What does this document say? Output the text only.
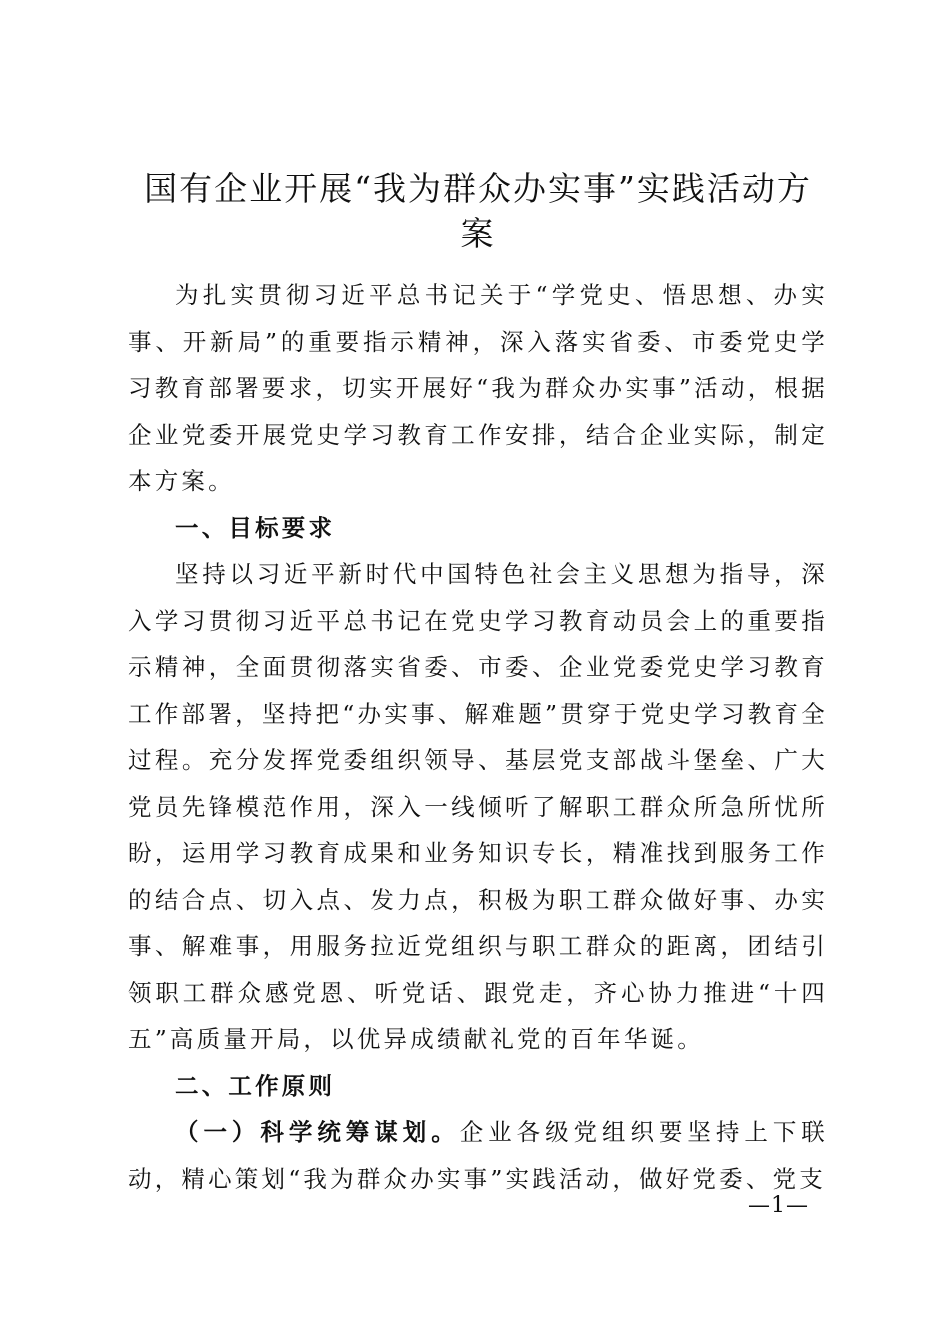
国有企业开展“我为群众办实事”实践活动方案

为扎实贯彻习近平总书记关于“学党史、悟思想、办实事、开新局”的重要指示精神，深入落实省委、市委党史学习教育部署要求，切实开展好“我为群众办实事”活动，根据企业党委开展党史学习教育工作安排，结合企业实际，制定本方案。

一、目标要求

坚持以习近平新时代中国特色社会主义思想为指导，深入学习贯彻习近平总书记在党史学习教育动员会上的重要指示精神，全面贯彻落实省委、市委、企业党委党史学习教育工作部署，坚持把“办实事、解难题”贯穿于党史学习教育全过程。充分发挥党委组织领导、基层党支部战斗堡垒、广大党员先锋模范作用，深入一线倾听了解职工群众所急所忧所盼，运用学习教育成果和业务知识专长，精准找到服务工作的结合点、切入点、发力点，积极为职工群众做好事、办实事、解难事，用服务拉近党组织与职工群众的距离，团结引领职工群众感党恩、听党话、跟党走，齐心协力推进“十四五”高质量开局，以优异成绩献礼党的百年华诞。

二、工作原则

（一）科学统筹谋划。企业各级党组织要坚持上下联动，精心策划“我为群众办实事”实践活动，做好党委、党支

—1—
